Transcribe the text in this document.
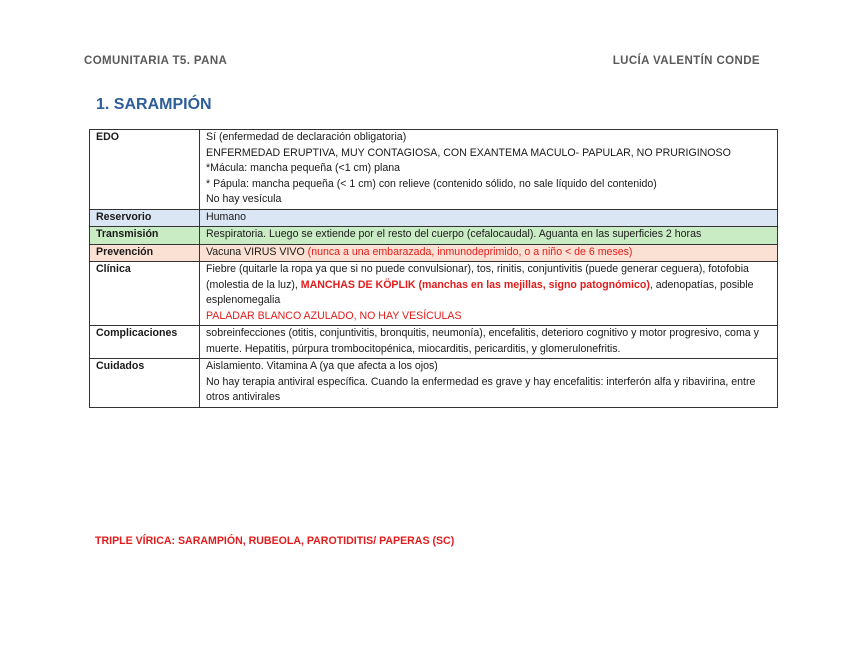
COMUNITARIA T5. PANA	LUCÍA VALENTÍN CONDE
1. SARAMPIÓN
EDO	Sí (enfermedad de declaración obligatoria)
ENFERMEDAD ERUPTIVA, MUY CONTAGIOSA, CON EXANTEMA MACULO- PAPULAR, NO PRURIGINOSO
*Mácula: mancha pequeña (<1 cm) plana
* Pápula: mancha pequeña (< 1 cm) con relieve (contenido sólido, no sale líquido del contenido)
No hay vesícula

Reservorio	Humano
Transmisión	Respiratoria. Luego se extiende por el resto del cuerpo (cefalocaudal). Aguanta en las superficies 2 horas
Prevención	Vacuna VIRUS VIVO (nunca a una embarazada, inmunodeprimido, o a niño < de 6 meses)
Clínica	Fiebre (quitarle la ropa ya que si no puede convulsionar), tos, rinitis, conjuntivitis (puede generar ceguera), fotofobia (molestia de la luz), MANCHAS DE KÖPLIK (manchas en las mejillas, signo patognómico), adenopatías, posible esplenomegalia
PALADAR BLANCO AZULADO, NO HAY VESÍCULAS

Complicaciones	sobreinfecciones (otitis, conjuntivitis, bronquitis, neumonía), encefalitis, deterioro cognitivo y motor progresivo, coma y muerte. Hepatitis, púrpura trombocitopénica, miocarditis, pericarditis, y glomerulonefritis.
Cuidados	Aislamiento. Vitamina A (ya que afecta a los ojos)
No hay terapia antiviral específica. Cuando la enfermedad es grave y hay encefalitis: interferón alfa y ribavirina, entre otros antivirales
TRIPLE VÍRICA: SARAMPIÓN, RUBEOLA, PAROTIDITIS/ PAPERAS (SC)
